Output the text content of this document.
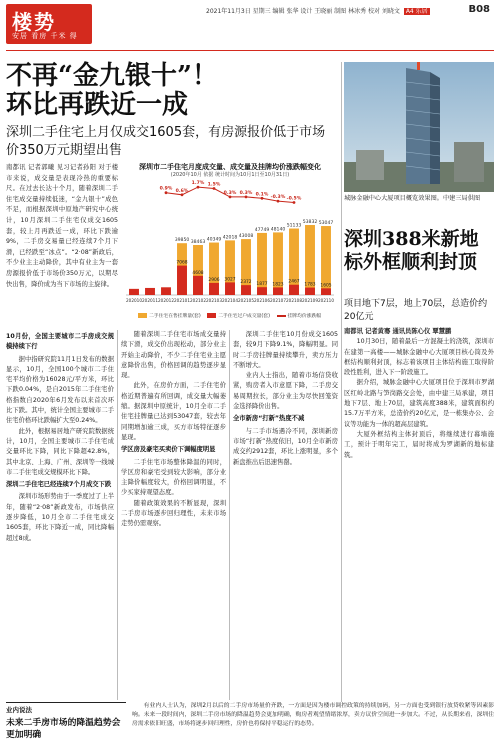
楼势
安居 看房 千米 得
2021年11月3日 星期三 编辑 张华 设计 王晓丽 制图 林冰秀 校对 刘晓文 A4 乐居	B08
不再“金九银十”！
环比再跌近一成
深圳二手住宅上月仅成交1605套，有房源报价低于市场价350万元期望出售
南都讯 记者郭曦 见习记者孙阳 对于楼市来说，成交量是表现冷热的重要标尺。在过去长达十个月，随着深圳二手住宅成交量持续低迷，“金九银十”成色不足，而根据深圳中原地产研究中心统计，10月深圳二手住宅仅成交1605套，较上月再跌近一成，环比下跌逾9%，二手房交易量已经连续7个月下滑，已经跌至“冰点”。“2·08”新政后，不少业主主动降价，其中有业主为一套房源报价低于市场价350万元，以期尽快出售，降价成为当下市场的主旋律。
深圳市二手住宅月度成交量、成交量及挂牌均价涨跌幅变化
(2020年10月 依据 统计时间为10月1日至10月31日)
39850 38463 40349 42018 43008
47749 48140
51133
53832 53047
7068
4608
2906 3027
2372 1877 1823
2467
1783 1605
202010 202011 202012 202101 202102 202103 202104 202105 202106 202107 202108 202109 202110
0.9% 0.6%
1.7% 1.5%
0.3% 0.3% 0.1%
-0.3% -0.5%
二手住宅在售挂牌量(套)	二手住宅过户成交量(套)	挂牌均价涨跌幅
城脉金融中心大厦项目概览效果图。中建三局供图
深圳388米新地标外框顺利封顶
项目地下7层，地上70层，总造价约20亿元
南都讯 记者黄骞 通讯员陈心仪 覃慧鹏

10月30日，随着最后一方混凝土的浇筑，深圳市在建第一高楼——城脉金融中心大厦项目核心筒及外框结构顺利封顶，标志着该项目主体结构施工取得阶段性胜利，进入下一阶段施工。

据介绍，城脉金融中心大厦项目位于深圳市罗湖区红岭北路与笋岗路交会处，由中建三局承建，项目地下7层、地上70层，建筑高度388米，建筑面积约15.7万平方米，总造价约20亿元，是一栋集办公、会议等功能为一体的超高层建筑。

大厦外框结构主体封顶后，将继续进行幕墙施工，预计于明年完工，届时将成为罗湖新的地标建筑。

10月份，全国主要城市二手房成交规模持续下行

据中指研究院11月1日发布的数据显示，10月，全国100个城市二手住宅平均价格为16028元/平方米，环比下跌0.04%，是自2015年二手住宅价格指数自2020年6月发布以来首次环比下跌。其中，统计全国主要城市二手住宅价格环比跌幅扩大至0.24%。

此外，根据易居地产研究院数据统计，10月，全国主要城市二手住宅成交量环比下降，同比下降超42.8%，其中北京、上海、广州、深圳等一线城市二手住宅成交规模环比下降。

深圳二手住宅已经连续7个月成交下跌

深圳市场形势由于一季度过了上半年，随着“2·08”新政发布，市场供应逐步降低，10月全市二手住宅成交1605套，环比下降近一成，同比降幅超过8成。

随着深圳二手住宅市场成交量持续下滑，成交价出现松动，部分业主开始主动降价，不少二手住宅业主愿意降价出售，价格回调的趋势逐步显现。

此外，在房价方面，二手住宅价格近期普遍有所回调，成交量大幅萎缩。据深圳中原统计，10月全市二手住宅挂牌量已达到53047套，较去年同期增加逾三成，买方市场特征逐步显现。

学区房及豪宅买卖价下调幅度明显

二手住宅市场整体降温的同时，学区房和豪宅受到较大影响，部分业主降价幅度较大，价格回调明显，不少买家持观望态度。

随着政策效果的不断显现，深圳二手房市场逐步回归理性，未来市场走势仍需观察。

深圳二手住宅10月份成交1605套，较9月下降9.1%，降幅明显。同时二手房挂牌量持续攀升，卖方压力不断增大。

业内人士指出，随着市场信贷收紧，购房者入市意愿下降，二手房交易周期拉长，部分业主为尽快回笼资金选择降价出售。

全市新房“打新”热度不减

与二手市场遇冷不同，深圳新房市场“打新”热度依旧，10月全市新房成交约2912套，环比上涨明显，多个新盘推出后迅速售罄。

业内说法
未来二手房市场的降温趋势会更加明确
有业内人士认为，深圳2月以后的二手房市场量价齐跌，一方面是因为楼市调控政策的持续加码，另一方面也受到银行放贷收紧等因素影响。未来一段时间内，深圳二手房市场的降温趋势会更加明确，购房者观望情绪浓厚，卖方议价空间进一步加大。不过，从长期来看，深圳住房需求依旧旺盛，市场将逐步回归理性，房价也将保持平稳运行的态势。
